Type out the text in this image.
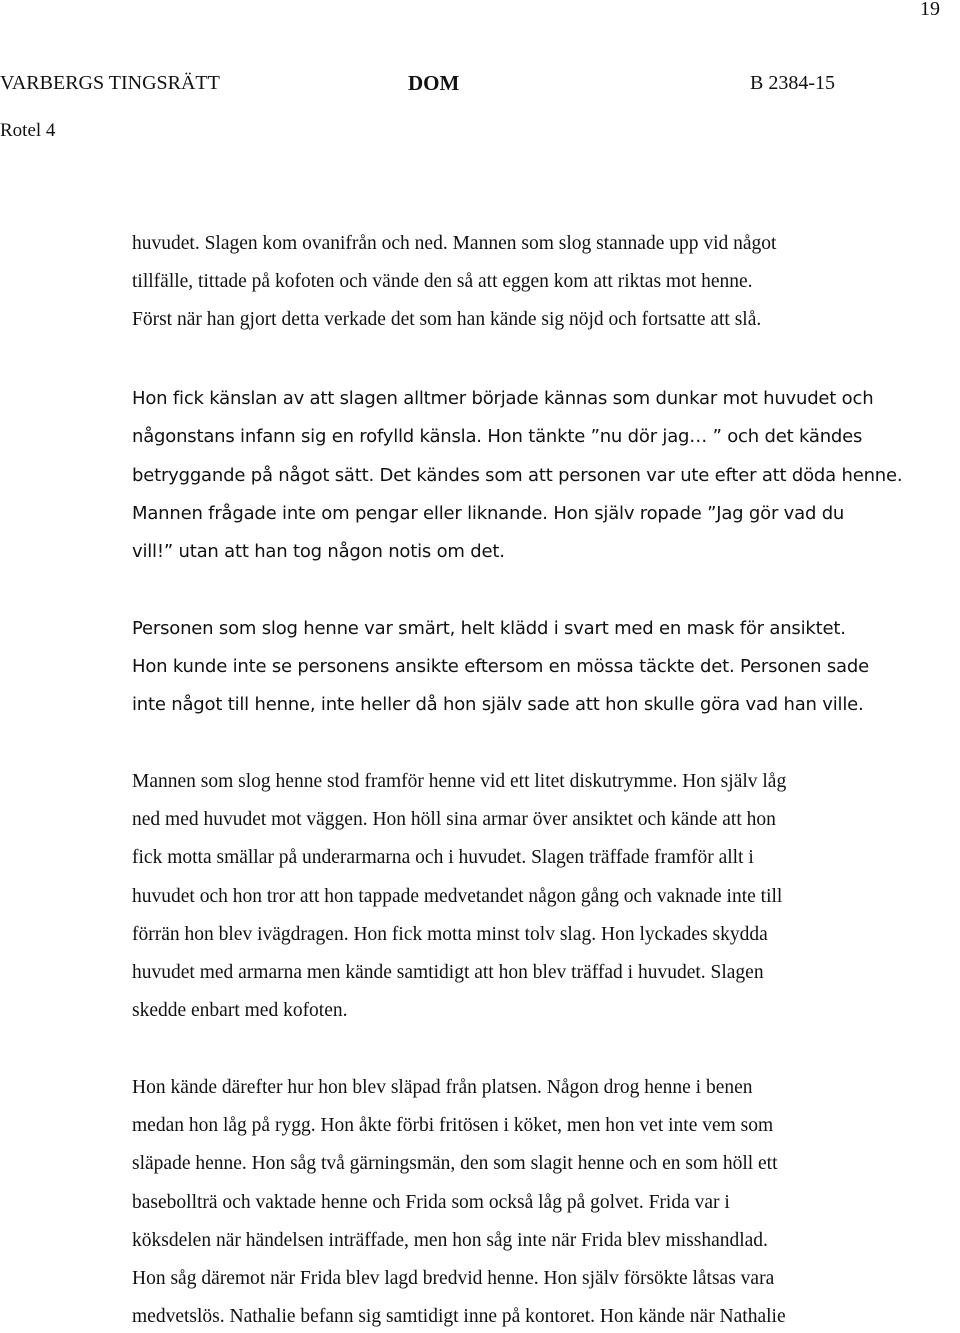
19
VARBERGS TINGSRÄTT	DOM	B 2384-15
Rotel 4
huvudet. Slagen kom ovanifrån och ned. Mannen som slog stannade upp vid något
tillfälle, tittade på kofoten och vände den så att eggen kom att riktas mot henne.
Först när han gjort detta verkade det som han kände sig nöjd och fortsatte att slå.
Hon fick känslan av att slagen alltmer började kännas som dunkar mot huvudet och
någonstans infann sig en rofylld känsla. Hon tänkte ”nu dör jag… ” och det kändes
betryggande på något sätt. Det kändes som att personen var ute efter att döda henne.
Mannen frågade inte om pengar eller liknande. Hon själv ropade ”Jag gör vad du
vill!” utan att han tog någon notis om det.
Personen som slog henne var smärt, helt klädd i svart med en mask för ansiktet.
Hon kunde inte se personens ansikte eftersom en mössa täckte det. Personen sade
inte något till henne, inte heller då hon själv sade att hon skulle göra vad han ville.
Mannen som slog henne stod framför henne vid ett litet diskutrymme. Hon själv låg
ned med huvudet mot väggen. Hon höll sina armar över ansiktet och kände att hon
fick motta smällar på underarmarna och i huvudet. Slagen träffade framför allt i
huvudet och hon tror att hon tappade medvetandet någon gång och vaknade inte till
förrän hon blev ivägdragen. Hon fick motta minst tolv slag. Hon lyckades skydda
huvudet med armarna men kände samtidigt att hon blev träffad i huvudet. Slagen
skedde enbart med kofoten.
Hon kände därefter hur hon blev släpad från platsen. Någon drog henne i benen
medan hon låg på rygg. Hon åkte förbi fritösen i köket, men hon vet inte vem som
släpade henne. Hon såg två gärningsmän, den som slagit henne och en som höll ett
basebollträ och vaktade henne och Frida som också låg på golvet. Frida var i
köksdelen när händelsen inträffade, men hon såg inte när Frida blev misshandlad.
Hon såg däremot när Frida blev lagd bredvid henne. Hon själv försökte låtsas vara
medvetslös. Nathalie befann sig samtidigt inne på kontoret. Hon kände när Nathalie
